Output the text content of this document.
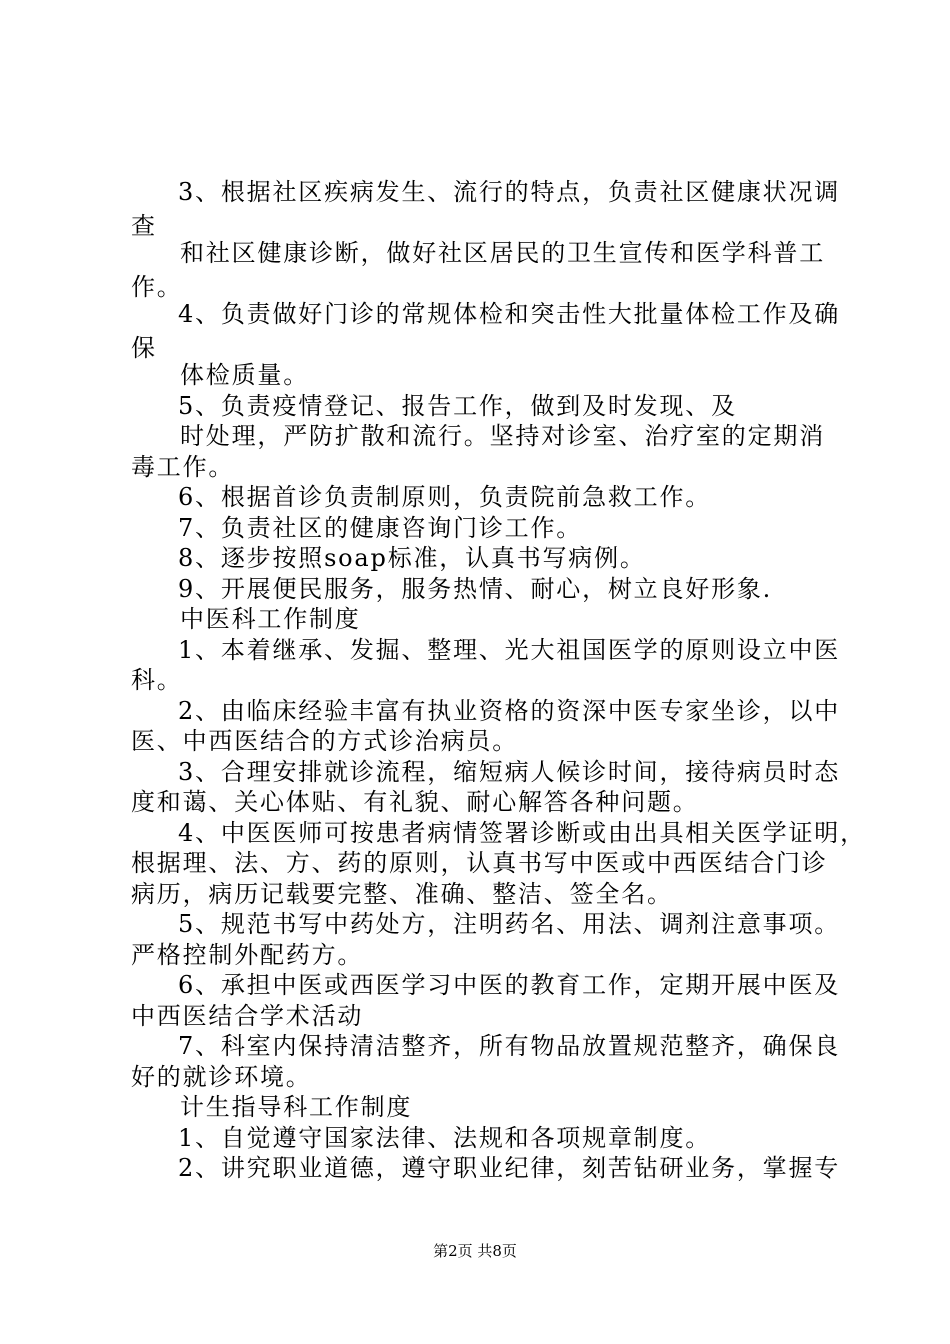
3、根据社区疾病发生、流行的特点，负责社区健康状况调
查
和社区健康诊断，做好社区居民的卫生宣传和医学科普工
作。
4、负责做好门诊的常规体检和突击性大批量体检工作及确
保
体检质量。
5、负责疫情登记、报告工作，做到及时发现、及
时处理，严防扩散和流行。坚持对诊室、治疗室的定期消
毒工作。
6、根据首诊负责制原则，负责院前急救工作。
7、负责社区的健康咨询门诊工作。
8、逐步按照soap标准，认真书写病例。
9、开展便民服务，服务热情、耐心，树立良好形象.
中医科工作制度
1、本着继承、发掘、整理、光大祖国医学的原则设立中医
科。
2、由临床经验丰富有执业资格的资深中医专家坐诊，以中
医、中西医结合的方式诊治病员。
3、合理安排就诊流程，缩短病人候诊时间，接待病员时态
度和蔼、关心体贴、有礼貌、耐心解答各种问题。
4、中医医师可按患者病情签署诊断或由出具相关医学证明，
根据理、法、方、药的原则，认真书写中医或中西医结合门诊
病历，病历记载要完整、准确、整洁、签全名。
5、规范书写中药处方，注明药名、用法、调剂注意事项。
严格控制外配药方。
6、承担中医或西医学习中医的教育工作，定期开展中医及
中西医结合学术活动
7、科室内保持清洁整齐，所有物品放置规范整齐，确保良
好的就诊环境。
计生指导科工作制度
1、自觉遵守国家法律、法规和各项规章制度。
2、讲究职业道德，遵守职业纪律，刻苦钻研业务，掌握专
第2页 共8页
